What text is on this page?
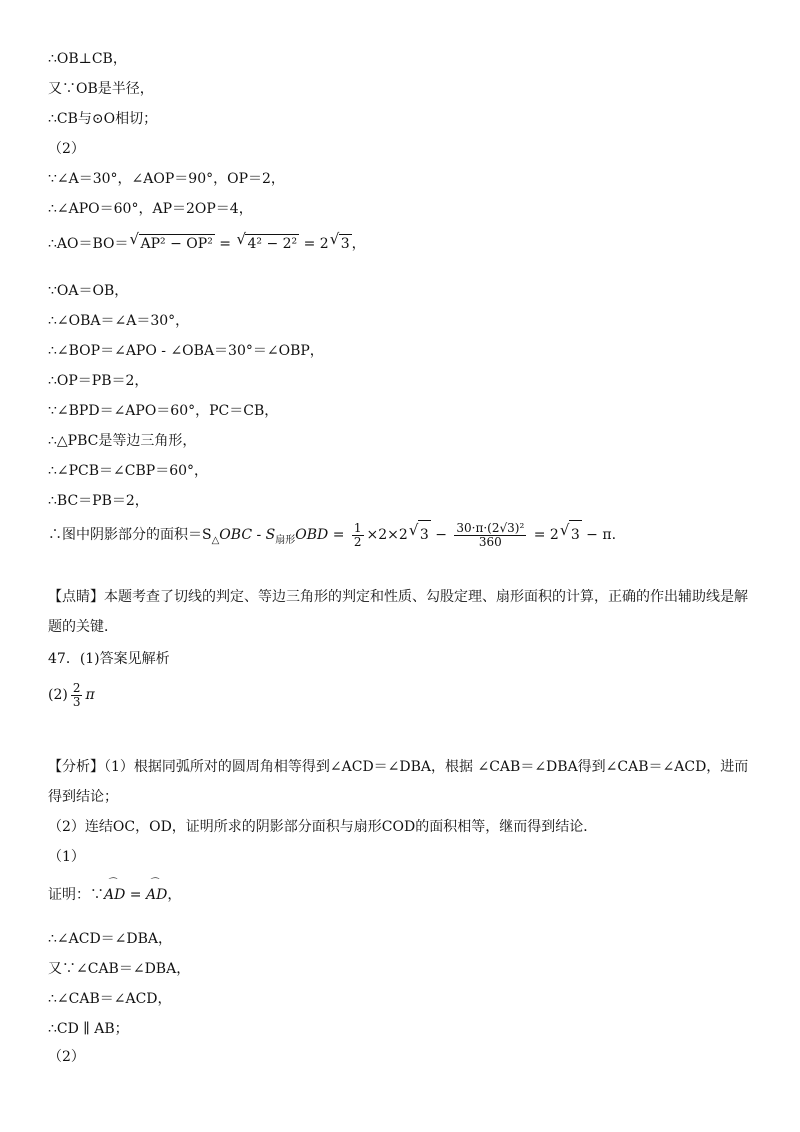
∴OB⊥CB，
又∵OB是半径，
∴CB与⊙O相切；
（2）
∵∠A＝30°，∠AOP＝90°，OP＝2，
∴∠APO＝60°，AP＝2OP＝4，
∴AO＝BO＝√ AP² − OP² = √ 4² − 2² = 2√ 3 ，
∵OA＝OB，
∴∠OBA＝∠A＝30°，
∴∠BOP＝∠APO - ∠OBA＝30°＝∠OBP，
∴OP＝PB＝2，
∵∠BPD＝∠APO＝60°，PC＝CB，
∴△PBC是等边三角形，
∴∠PCB＝∠CBP＝60°，
∴BC＝PB＝2，
∴图中阴影部分的面积$=S_\triangle OBC - S_{扇形}OBD = \frac{1}{2} \times 2\times 2√$ $3 - \frac{\text{30·π·(2√3)²}}{360} = 2√$ 3 − π.
【点睛】本题考查了切线的判定、等边三角形的判定和性质、勾股定理、扇形面积的计算，正确的作出辅助线是解题的关键．
47．(1)答案见解析
$(2) \frac{2}{3}$ π
【分析】（1）根据同弧所对的圆周角相等得到∠ACD＝∠DBA，根据 ∠CAB＝∠DBA得到∠CAB＝∠ACD，进而得到结论；
（2）连结OC，OD，证明所求的阴影部分面积与扇形COD的面积相等，继而得到结论．
（1）
证明：∵⌒ AD = ⌒ AD，
∴∠ACD＝∠DBA，
又∵∠CAB＝∠DBA，
∴∠CAB＝∠ACD，
∴CD ∥ AB；
（2）
